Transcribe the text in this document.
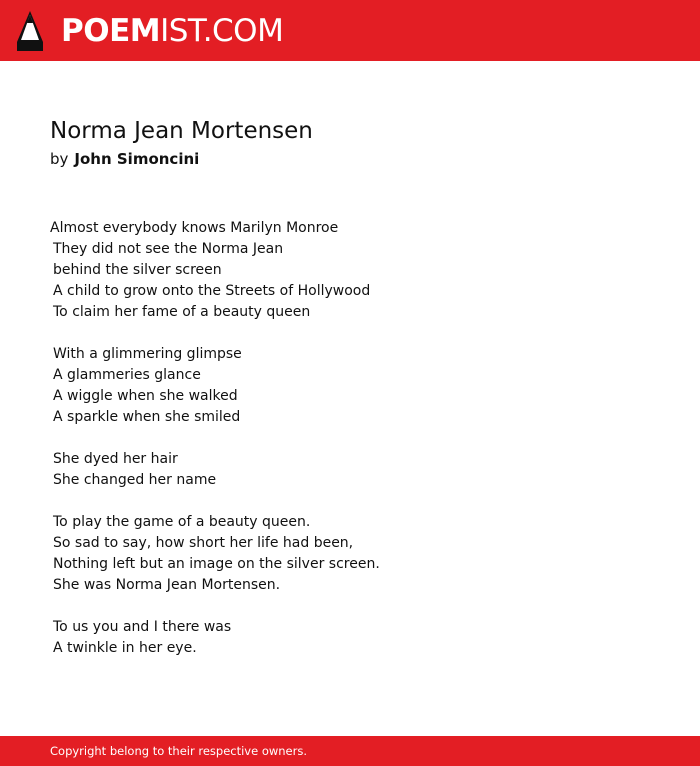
POEMIST.COM
Norma Jean Mortensen
by John Simoncini
Almost everybody knows Marilyn Monroe
They did not see the Norma Jean
behind the silver screen
A child to grow onto the Streets of Hollywood
To claim her fame of a beauty queen
With a glimmering glimpse
A glammeries glance
A wiggle when she walked
A sparkle when she smiled
She dyed her hair
She changed her name
To play the game of a beauty queen.
So sad to say, how short her life had been,
Nothing left but an image on the silver screen.
She was Norma Jean Mortensen.
To us you and I there was
A twinkle in her eye.
Copyright belong to their respective owners.
